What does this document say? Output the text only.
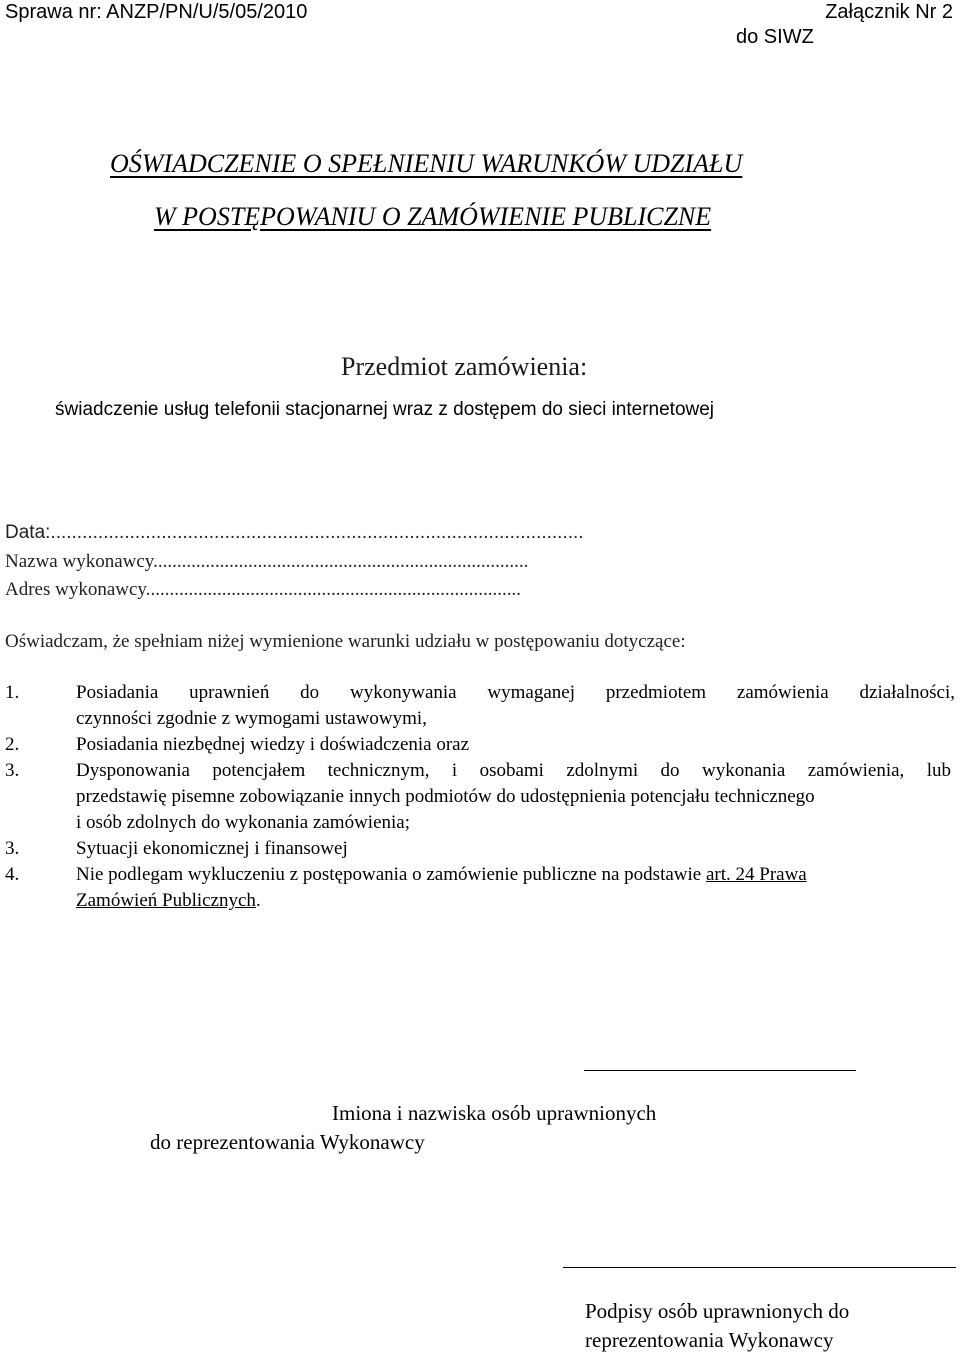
Sprawa nr: ANZP/PN/U/5/05/2010	Załącznik Nr 2
do SIWZ
OŚWIADCZENIE O SPEŁNIENIU WARUNKÓW UDZIAŁU
W POSTĘPOWANIU O ZAMÓWIENIE PUBLICZNE
Przedmiot zamówienia:
świadczenie usług telefonii stacjonarnej wraz z dostępem do sieci internetowej
Data:.....................................................................................................
Nazwa wykonawcy...............................................................................
Adres wykonawcy...............................................................................
Oświadczam, że spełniam niżej wymienione warunki udziału w postępowaniu dotyczące:
1.	Posiadania uprawnień do wykonywania wymaganej przedmiotem zamówienia działalności,
czynności zgodnie z wymogami ustawowymi,
2.	Posiadania niezbędnej wiedzy i doświadczenia oraz
3.	Dysponowania potencjałem technicznym, i osobami zdolnymi do wykonania zamówienia, lub
przedstawię pisemne zobowiązanie innych podmiotów do udostępnienia potencjału technicznego
i osób zdolnych do wykonania zamówienia;
3.	Sytuacji ekonomicznej i finansowej
4.	Nie podlegam wykluczeniu z postępowania o zamówienie publiczne na podstawie art. 24 Prawa
Zamówień Publicznych.
Imiona i nazwiska osób uprawnionych
do reprezentowania Wykonawcy
Podpisy osób uprawnionych do
reprezentowania Wykonawcy
